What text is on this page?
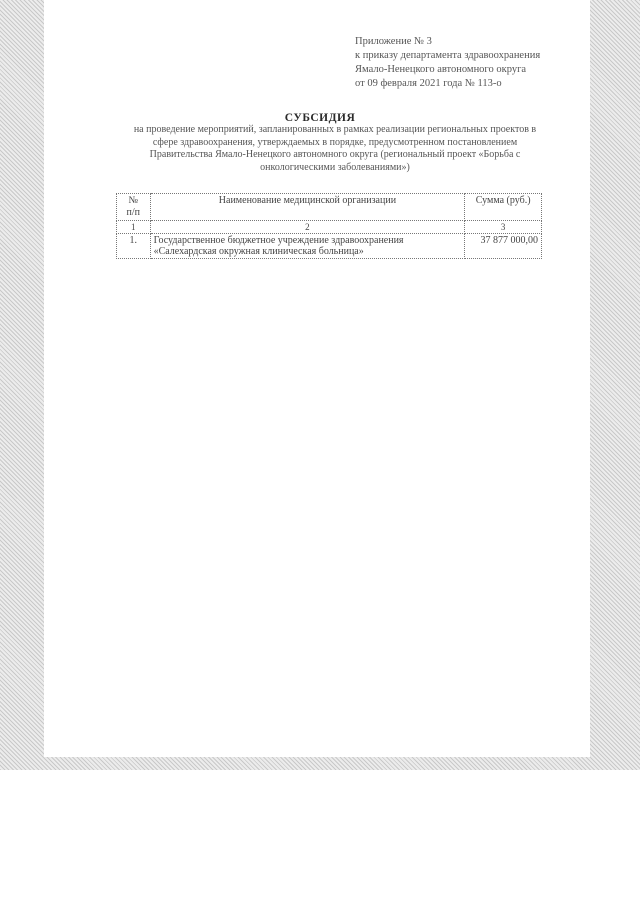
Приложение № 3
к приказу департамента здравоохранения
Ямало-Ненецкого автономного округа
от 09 февраля 2021 года № 113-о
СУБСИДИЯ
на проведение мероприятий, запланированных в рамках реализации региональных проектов в
сфере здравоохранения, утверждаемых в порядке, предусмотренном постановлением
Правительства Ямало-Ненецкого автономного округа (региональный проект «Борьба с
онкологическими заболеваниями»)
№
п/п	Наименование медицинской организации	Сумма (руб.)
1	2	3
1.	Государственное бюджетное учреждение здравоохранения
«Салехардская окружная клиническая больница»	37 877 000,00
